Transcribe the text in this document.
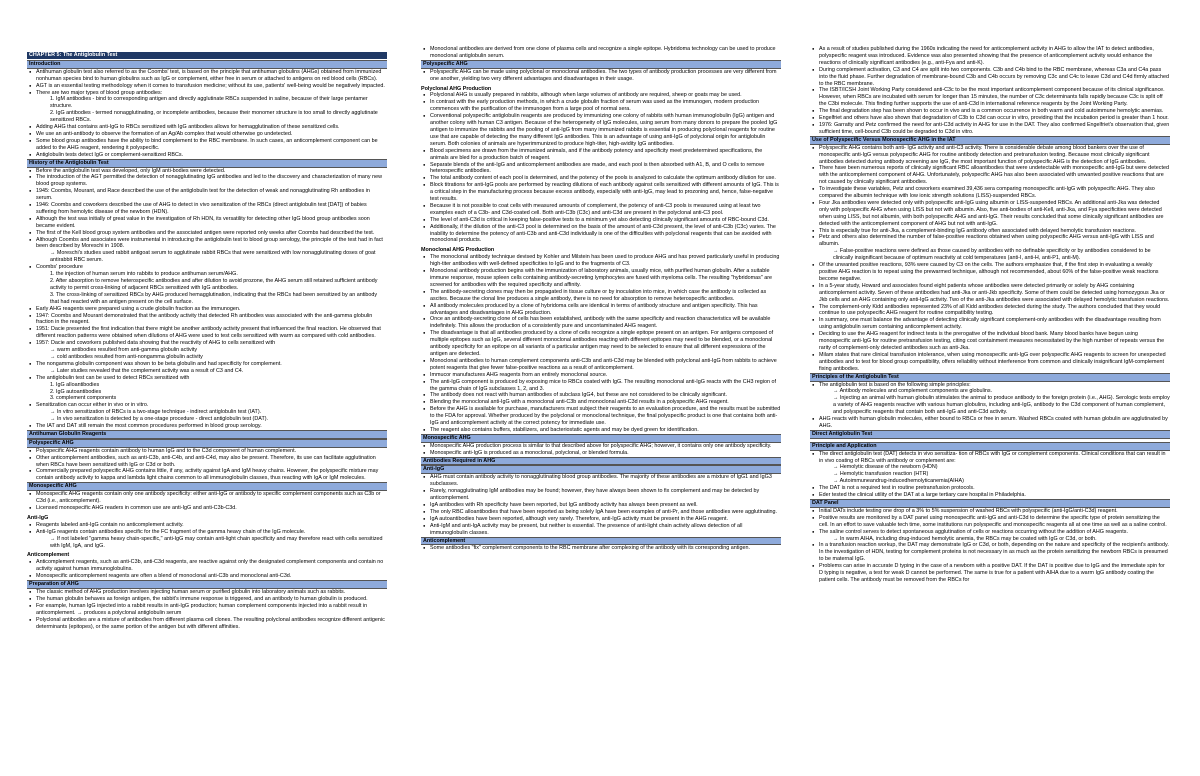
CHAPTER 5: The Antiglobulin Test
Introduction
● Antihuman globulin test also referred to as the Coombs' test, is based on the principle that antihuman globulins (AHGs) obtained from immunized nonhuman species bind to human globulins such as IgG or complement, either free in serum or attached to antigens on red blood cells (RBCs).
● AGT is an essential testing methodology when it comes to transfusion medicine; without its use, patients' well-being would be negatively impacted.
● There are two major types of blood group antibodies:
1. IgM antibodies - bind to corresponding antigen and directly agglutinate RBCs suspended in saline, because of their large pentamer structure.
2. IgG antibodies - termed nonagglutinating, or incomplete antibodies, because their monomer structure is too small to directly agglutinate sensitized RBCs.
● Adding AHG that contains anti-IgG to RBCs sensitized with IgG antibodies allows for hemagglutination of these sensitized cells.
● We use an anti-antibody to observe the formation of an Ag/Ab complex that would otherwise go undetected.
● Some blood group antibodies have the ability to bind complement to the RBC membrane. In such cases, an anticomplement component can be added to the AHG reagent, rendering it polyspecific.
● Antiglobulin tests detect IgG or complement-sensitized RBCs.
History of the Antiglobulin Test
● Before the antiglobulin test was developed, only IgM anti-bodies were detected.
● The introduction of the AGT permitted the detection of nonagglutinating IgG antibodies and led to the discovery and characterization of many new blood group systems.
● 1945: Coombs, Mourant, and Race described the use of the antiglobulin test for the detection of weak and nonagglutinating Rh antibodies in serum.
● 1946: Coombs and coworkers described the use of AHG to detect in vivo sensitization of the RBCs (direct antiglobulin test [DAT]) of babies suffering from hemolytic disease of the newborn (HDN).
● Although the test was initially of great value in the investigation of Rh HDN, its versatility for detecting other IgG blood group antibodies soon became evident.
● The first of the Kell blood group system antibodies and the associated antigen were reported only weeks after Coombs had described the test.
● Although Coombs and associates were instrumental in introducing the antiglobulin test to blood group serology, the principle of the test had in fact been described by Moreschi in 1908.
→ Moreschi's studies used rabbit antigoat serum to agglutinate rabbit RBCs that were sensitized with low nonagglutinating doses of goat antirabbit RBC serum.
● Coombs' procedure
1. the injection of human serum into rabbits to produce antihuman serum/AHG.
2. After absorption to remove heterospecific antibodies and after dilution to avoid prozone, the AHG serum still retained sufficient antibody activity to permit cross-linking of adjacent RBCs sensitized with IgG antibodies.
3. The cross-linking of sensitized RBCs by AHG produced hemagglutination, indicating that the RBCs had been sensitized by an antibody that had reacted with an antigen present on the cell surface.
● Early AHG reagents were prepared using a crude globulin fraction as the immunogen.
● 1947: Coombs and Mourant demonstrated that the antibody activity that detected Rh antibodies was associated with the anti-gamma globulin fraction in the reagent.
● 1951: Dacie presented the first indication that there might be another antibody activity present that influenced the final reaction. He observed that different reaction patterns were obtained when dilutions of AHG were used to test cells sensitized with warm as compared with cold antibodies.
● 1957: Dacie and coworkers published data showing that the reactivity of AHG to cells sensitized with
→ warm antibodies resulted from anti-gamma globulin activity
→ cold antibodies resulted from anti-nongamma globulin activity
● The nongamma globulin component was shown to be beta globulin and had specificity for complement.
→ Later studies revealed that the complement activity was a result of C3 and C4.
● The antiglobulin test can be used to detect RBCs sensitized with
1. IgG alloantibodies
2. IgG autoantibodies
3. complement components
● Sensitization can occur either in vivo or in vitro.
→ In vitro sensitization of RBCs is a two-stage technique - indirect antiglobulin test (IAT).
→ In vivo sensitization is detected by a one-stage procedure - direct antiglobulin test (DAT).
● The IAT and DAT still remain the most common procedures performed in blood group serology.
Antihuman Globulin Reagents
Polyspecific AHG
● Polyspecific AHG reagents contain antibody to human IgG and to the C3d component of human complement.
● Other anticomplement antibodies, such as anti-C3b, anti-C4b, and anti-C4d, may also be present. Therefore, its use can facilitate agglutination when RBCs have been sensitized with IgG or C3d or both.
● Commercially prepared polyspecific AHG contains little, if any, activity against IgA and IgM heavy chains. However, the polyspecific mixture may contain antibody activity to kappa and lambda light chains common to all immunoglobulin classes, thus reacting with IgA or IgM molecules.
Monospecific AHG
● Monospecific AHG reagents contain only one antibody specificity: either anti-IgG or antibody to specific complement components such as C3b or C3d (i.e., anticomplement).
● Licensed monospecific AHG readers in common use are anti-IgG and anti-C3b-C3d.
Anti-IgG
● Reagents labeled anti-IgG contain no anticomplement activity.
● Anti-IgG reagents contain antibodies specific for the FC fragment of the gamma heavy chain of the IgG molecule.
→ If not labeled "gamma heavy chain-specific," anti-IgG may contain anti-light chain specificity and may therefore react with cells sensitized with IgM, IgA, and IgG.
Anticomplement
● Anticomplement reagents, such as anti-C3b, anti-C3d reagents, are reactive against only the designated complement components and contain no activity against human immunoglobulins.
● Monospecific anticomplement reagents are often a blend of monoclonal anti-C3b and monoclonal anti-C3d.
Preparation of AHG
● The classic method of AHG production involves injecting human serum or purified globulin into laboratory animals such as rabbits.
● The human globulin behaves as foreign antigen, the rabbit's immune response is triggered, and an antibody to human globulin is produced.
● For example, human IgG injected into a rabbit results in anti-IgG production; human complement components injected into a rabbit result in anticomplement. → produces a polyclonal antiglobulin serum
● Polyclonal antibodies are a mixture of antibodies from different plasma cell clones. The resulting polyclonal antibodies recognize different antigenic determinants (epitopes), or the same portion of the antigen but with different affinities.
● Monoclonal antibodies are derived from one clone of plasma cells and recognize a single epitope. Hybridoma technology can be used to produce monoclonal antiglobulin serum.
Polyspecific AHG
● Polyspecific AHG can be made using polyclonal or monoclonal antibodies. The two types of antibody production processes are very different from one another, yielding two very different advantages and disadvantages in their usage.
Polyclonal AHG Production
● Polyclonal AHG is usually prepared in rabbits, although when large volumes of antibody are required, sheep or goats may be used.
● In contrast with the early production methods, in which a crude globulin fraction of serum was used as the immunogen, modern production commences with the purification of the immunogen from a large pool of normal sera.
● Conventional polyspecific antiglobulin reagents are produced by immunizing one colony of rabbits with human immunoglobulin (IgG) antigen and another colony with human C3 antigen. Because of the heterogeneity of IgG molecules, using serum from many donors to prepare the pooled IgG antigen to immunize the rabbits and the pooling of anti-IgG from many immunized rabbits is essential in producing polyclonal reagents for routine use that are capable of detecting the many different IgG antibodies. This is an advantage of using anti-IgG of polyclonal origin for antiglobulin serum. Both colonies of animals are hyperimmunized to produce high-titer, high-avidity IgG antibodies.
● Blood specimens are drawn from the immunized animals, and if the antibody potency and specificity meet predetermined specifications, the animals are bled for a production batch of reagent.
● Separate blends of the anti-IgG and anticomplement antibodies are made, and each pool is then absorbed with A1, B, and O cells to remove heterospecific antibodies.
● The total antibody content of each pool is determined, and the potency of the pools is analyzed to calculate the optimum antibody dilution for use.
● Block titrations for anti-IgG pools are performed by reacting dilutions of each antibody against cells sensitized with different amounts of IgG. This is a critical step in the manufacturing process because excess antibody, especially with anti-IgG, may lead to prozoning and, hence, false-negative test results.
● Because it is not possible to coat cells with measured amounts of complement, the potency of anti-C3 pools is measured using at least two examples each of a C3b- and C3d-coated cell. Both anti-C3b (C3c) and anti-C3d are present in the polyclonal anti-C3 pool.
● The level of anti-C3d is critical in keeping false-positive tests to a minimum yet also detecting clinically significant amounts of RBC-bound C3d.
● Additionally, if the dilution of the anti-C3 pool is determined on the basis of the amount of anti-C3d present, the level of anti-C3b (C3c) varies. The inability to determine the potency of anti-C3b and anti-C3d individually is one of the difficulties with polyclonal reagents that can be avoided with monoclonal products.
Monoclonal AHG Production
● The monoclonal antibody technique devised by Kohler and Milstein has been used to produce AHG and has proved particularly useful in producing high-titer antibodies with well-defined specificities to IgG and to the fragments of C3.
● Monoclonal antibody production begins with the immunization of laboratory animals, usually mice, with purified human globulin. After a suitable immune response, mouse spleen cells containing antibody-secreting lymphocytes are fused with myeloma cells. The resulting "hybridomas" are screened for antibodies with the required specificity and affinity.
● The antibody-secreting clones may then be propagated in tissue culture or by inoculation into mice, in which case the antibody is collected as ascites. Because the clonal line produces a single antibody, there is no need for absorption to remove heterospecific antibodies.
● All antibody molecules produced by a clone of hybridoma cells are identical in terms of antibody structure and antigen specificity. This has advantages and disadvantages in AHG production.
● Once an antibody-secreting clone of cells has been established, antibody with the same specificity and reaction characteristics will be available indefinitely. This allows the production of a consistently pure and uncontaminated AHG reagent.
● The disadvantage is that all antibodies produced by a clone of cells recognize a single epitope present on an antigen. For antigens composed of multiple epitopes such as IgG, several different monoclonal antibodies reacting with different epitopes may need to be blended, or a monoclonal antibody specificity for an epitope on all variants of a particular antigen may need to be selected to ensure that all different expressions of the antigen are detected.
● Monoclonal antibodies to human complement components anti-C3b and anti-C3d may be blended with polyclonal anti-IgG from rabbits to achieve potent reagents that give fewer false-positive reactions as a result of anticomplement.
● Immucor manufactures AHG reagents from an entirely monoclonal source.
● The anti-IgG component is produced by exposing mice to RBCs coated with IgG. The resulting monoclonal anti-IgG reacts with the CH3 region of the gamma chain of IgG subclasses 1, 2, and 3.
● The antibody does not react with human antibodies of subclass IgG4, but these are not considered to be clinically significant.
● Blending the monoclonal anti-IgG with a monoclonal anti-C3b and monoclonal anti-C3d results in a polyspecific AHG reagent.
● Before the AHG is available for purchase, manufacturers must subject their reagents to an evaluation procedure, and the results must be submitted to the FDA for approval. Whether produced by the polyclonal or monoclonal technique, the final polyspecific product is one that contains both anti-IgG and anticomplement activity at the correct potency for immediate use.
● The reagent also contains buffers, stabilizers, and bacteriostatic agents and may be dyed green for identification.
Monospecific AHG
● Monospecific AHG production process is similar to that described above for polyspecific AHG; however, it contains only one antibody specificity.
● Monospecific anti-IgG is produced as a monoclonal, polyclonal, or blended formula.
Antibodies Required in AHG
Anti-IgG
● AHG must contain antibody activity to nonagglutinating blood group antibodies. The majority of these antibodies are a mixture of IgG1 and IgG3 subclasses.
● Rarely, nonagglutinating IgM antibodies may be found; however, they have always been shown to fix complement and may be detected by anticomplement.
● IgA antibodies with Rh specificity have been reported, but IgG antibody activity has always been present as well.
● The only RBC alloantibodies that have been reported as being solely IgA have been examples of anti-Pr, and those antibodies were agglutinating.
● IgA autoantibodies have been reported, although very rarely. Therefore, anti-IgG activity must be present in the AHG reagent.
● Anti-IgM and anti-IgA activity may be present, but neither is essential. The presence of anti-light chain activity allows detection of all immunoglobulin classes.
Anticomplement
● Some antibodies "fix" complement components to the RBC membrane after complexing of the antibody with its corresponding antigen.
● As a result of studies published during the 1960s indicating the need for anticomplement activity in AHG to allow the IAT to detect antibodies, polyspecific reagent was introduced. Evidence was also presented showing that the presence of anticomplement activity would enhance the reactions of clinically significant antibodies (e.g., anti-Fya and anti-K).
● During complement activation, C3 and C4 are split into two components. C3b and C4b bind to the RBC membrane, whereas C3a and C4a pass into the fluid phase. Further degradation of membrane-bound C3b and C4b occurs by removing C3c and C4c to leave C3d and C4d firmly attached to the RBC membrane.
● The ISBT/ICSH Joint Working Party considered anti-C3c to be the most important anticomplement component because of its clinical significance. However, when RBCs are incubated with serum for longer than 15 minutes, the number of C3c determinants falls rapidly because C3c is split off the C3bi molecule. This finding further supports the use of anti-C3d in international reference reagents by the Joint Working Party.
● The final degradation step has been shown to occur in vivo and is a common occurrence in both warm and cold autoimmune hemolytic anemias.
● Engelfriet and others have also shown that degradation of C3b to C3d can occur in vitro, providing that the incubation period is greater than 1 hour.
● 1976: Garratty and Petz confirmed the need for anti-C3d activity in AHG for use in the DAT. They also confirmed Engelfriet's observation that, given sufficient time, cell-bound C3b could be degraded to C3d in vitro.
Use of Polyspecific Versus Monospecific AHG in the IAT
● Polyspecific AHG contains both anti- IgG activity and anti-C3 activity. There is considerable debate among blood bankers over the use of monospecific anti-IgG versus polyspecific AHG for routine antibody detection and pretransfusion testing. Because most clinically significant antibodies detected during antibody screening are IgG, the most important function of polyspecific AHG is the detection of IgG antibodies.
● There have been numerous reports of clinically significant RBC alloantibodies that were undetectable with monospecific anti-IgG but were detected with the anticomplement component of AHG. Unfortunately, polyspecific AHG has also been associated with unwanted positive reactions that are not caused by clinically significant antibodies.
● To investigate these variables, Petz and coworkers examined 39,436 sera comparing monospecific anti-IgG with polyspecific AHG. They also compared the albumin technique with low ionic strength solutions (LISS)-suspended RBCs.
● Four Jka antibodies were detected only with polyspecific anti-IgG using albumin or LISS-suspended RBCs. An additional anti-Jka was detected only with polyspecific AHG when using LISS but not with albumin. Also, five anti-bodies of anti-Kell, anti-Jka, and Fya specificities were detected when using LISS, but not albumin, with both polyspecific AHG and anti-IgG. Their results concluded that some clinically significant antibodies are detected with the anticomplement component of AHG but not with anti-IgG.
● This is especially true for anti-Jka, a complement-binding IgG antibody often associated with delayed hemolytic transfusion reactions.
● Petz and others also determined the number of false-positive reactions obtained when using polyspecific AHG versus anti-IgG with LISS and albumin.
→ False-positive reactions were defined as those caused by antibodies with no definable specificity or by antibodies considered to be clinically insignificant because of optimum reactivity at cold temperatures (anti-I, anti-H, anti-P1, anti-M).
● Of the unwanted positive reactions, 93% were caused by C3 on the cells. The authors emphasize that, if the first step in evaluating a weakly positive AHG reaction is to repeat using the prewarmed technique, although not recommended, about 60% of the false-positive weak reactions become negative.
● In a 5-year study, Howard and associates found eight patients whose antibodies were detected primarily or solely by AHG containing anticomplement activity. Seven of these antibodies had anti-Jka or anti-Jkb specificity. Some of them could be detected using homozygous Jka or Jkb cells and an AHG containing only anti-IgG activity. Two of the anti-Jka antibodies were associated with delayed hemolytic transfusion reactions.
● The complement-only Kidd antibodies represented 23% of all Kidd antibodies detected during the study. The authors concluded that they would continue to use polyspecific AHG reagent for routine compatibility testing.
● In summary, one must balance the advantage of detecting clinically significant complement-only antibodies with the disadvantage resulting from using antiglobulin serum containing anticomplement activity.
● Deciding to use the AHG reagent for indirect tests is the prerogative of the individual blood bank. Many blood banks have begun using monospecific anti-IgG for routine pretransfusion testing, citing cost containment measures necessitated by the high number of repeats versus the rarity of complement-only detected antibodies such as anti-Jka.
● Milam states that rare clinical transfusion intolerance, when using monospecific anti-IgG over polyspecific AHG reagents to screen for unexpected antibodies and to test for blood group compatibility, offers reliability without interference from common and clinically insignificant IgM-complement fixing antibodies.
Principles of the Antiglobulin Test
● The antiglobulin test is based on the following simple principles:
→ Antibody molecules and complement components are globulins.
→ Injecting an animal with human globulin stimulates the animal to produce antibody to the foreign protein (i.e., AHG). Serologic tests employ a variety of AHG reagents reactive with various human globulins, including anti-IgG, antibody to the C3d component of human complement, and polyspecific reagents that contain both anti-IgG and anti-C3d activity.
● AHG reacts with human globulin molecules, either bound to RBCs or free in serum. Washed RBCs coated with human globulin are agglutinated by AHG.
Direct Antiglobulin Test
Principle and Application
● The direct antiglobulin test (DAT) detects in vivo sensitiza- tion of RBCs with IgG or complement components. Clinical conditions that can result in in vivo coating of RBCs with antibody or complement are:
→ Hemolytic disease of the newborn (HDN)
→ Hemolytic transfusion reaction (HTR)
→ Autoimmuneandrug-inducedhemolyticanemia(AIHA)
● The DAT is not a required test in routine pretransfusion protocols.
● Eder tested the clinical utility of the DAT at a large tertiary care hospital in Philadelphia.
DAT Panel
● Initial DATs include testing one drop of a 3% to 5% suspension of washed RBCs with polyspecific (anti-IgG/anti-C3d) reagent.
● Positive results are monitored by a DAT panel using monospecific anti-IgG and anti-C3d to determine the specific type of protein sensitizing the cell. In an effort to save valuable tech time, some institutions run polyspecific and monospecific reagents all at one time as well as a saline control.
● The saline control serves to detect spontaneous agglutination of cells or reactions occurring without the addition of AHG reagents.
→ In warm AIHA, including drug-induced hemolytic anemia, the RBCs may be coated with IgG or C3d, or both.
● In a transfusion reaction workup, the DAT may demonstrate IgG or C3d, or both, depending on the nature and specificity of the recipient's antibody. In the investigation of HDN, testing for complement proteins is not necessary in as much as the protein sensitizing the newborn RBCs is presumed to be maternal IgG.
● Problems can arise in accurate D typing in the case of a newborn with a positive DAT. If the DAT is positive due to IgG and the immediate spin for D typing is negative, a test for weak D cannot be performed. The same is true for a patient with AIHA due to a warm IgG antibody coating the patient cells. The antibody must be removed from the RBCs for
